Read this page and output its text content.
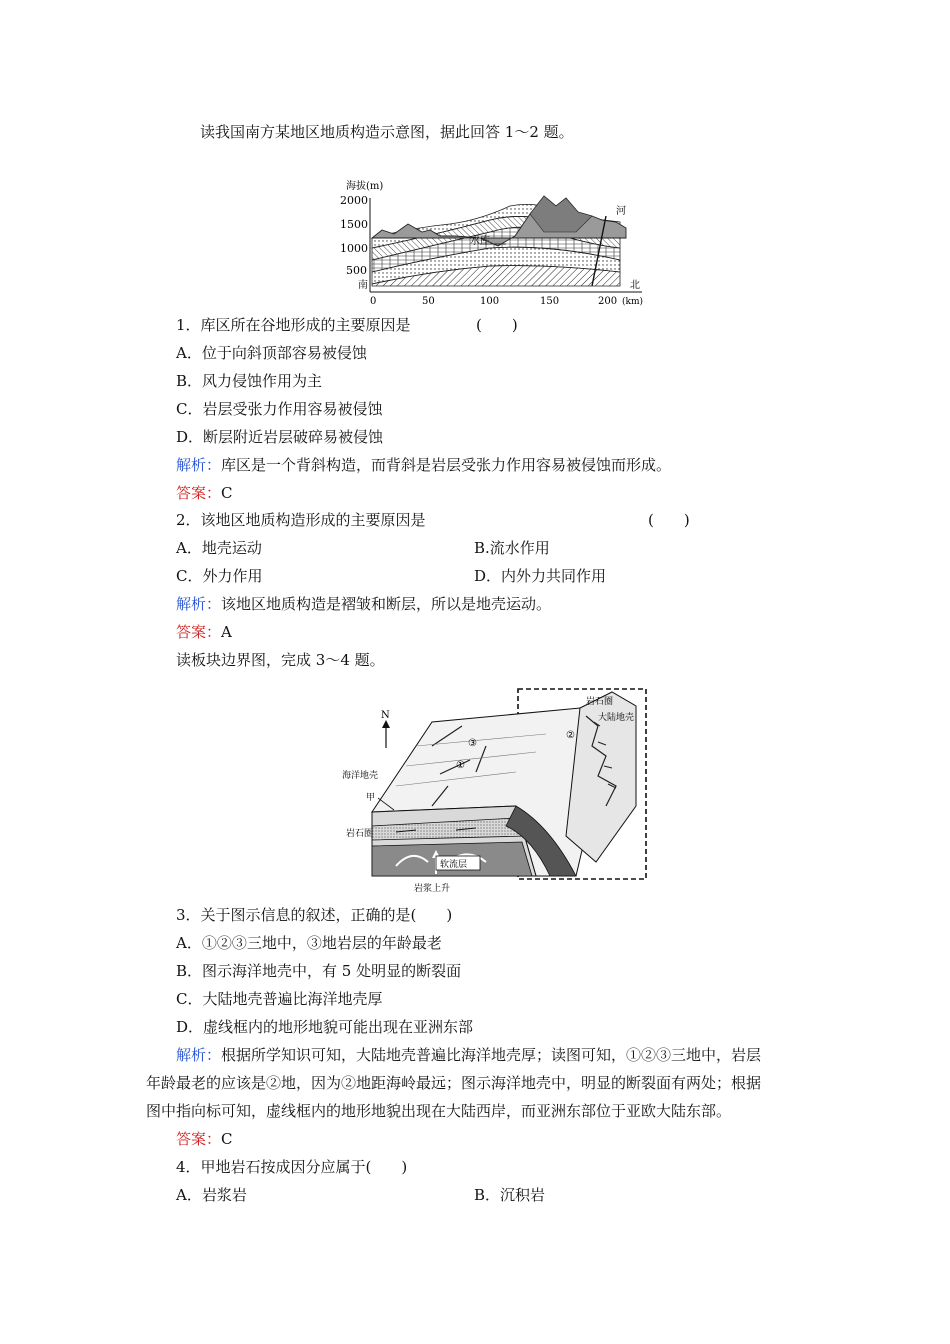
读我国南方某地区地质构造示意图，据此回答 1～2 题。
海拔(m)
2000
1500
1000
500
南
水库
河
北
0	50	100	150	200 (km)
1．库区所在谷地形成的主要原因是	(　　)
A．位于向斜顶部容易被侵蚀
B．风力侵蚀作用为主
C．岩层受张力作用容易被侵蚀
D．断层附近岩层破碎易被侵蚀
解析：库区是一个背斜构造，而背斜是岩层受张力作用容易被侵蚀而形成。
答案：C
2．该地区地质构造形成的主要原因是	(　　)
A．地壳运动	B.流水作用
C．外力作用	D．内外力共同作用
解析：该地区地质构造是褶皱和断层，所以是地壳运动。
答案：A
读板块边界图，完成 3～4 题。
N
海洋地壳
甲
岩石圈
①
②
③
软流层
岩浆上升
岩石圈
大陆地壳
3．关于图示信息的叙述，正确的是(　　)
A．①②③三地中，③地岩层的年龄最老
B．图示海洋地壳中，有 5 处明显的断裂面
C．大陆地壳普遍比海洋地壳厚
D．虚线框内的地形地貌可能出现在亚洲东部
解析：根据所学知识可知，大陆地壳普遍比海洋地壳厚；读图可知，①②③三地中，岩层
年龄最老的应该是②地，因为②地距海岭最远；图示海洋地壳中，明显的断裂面有两处；根据
图中指向标可知，虚线框内的地形地貌出现在大陆西岸，而亚洲东部位于亚欧大陆东部。
答案：C
4．甲地岩石按成因分应属于(　　)
A．岩浆岩	B．沉积岩
